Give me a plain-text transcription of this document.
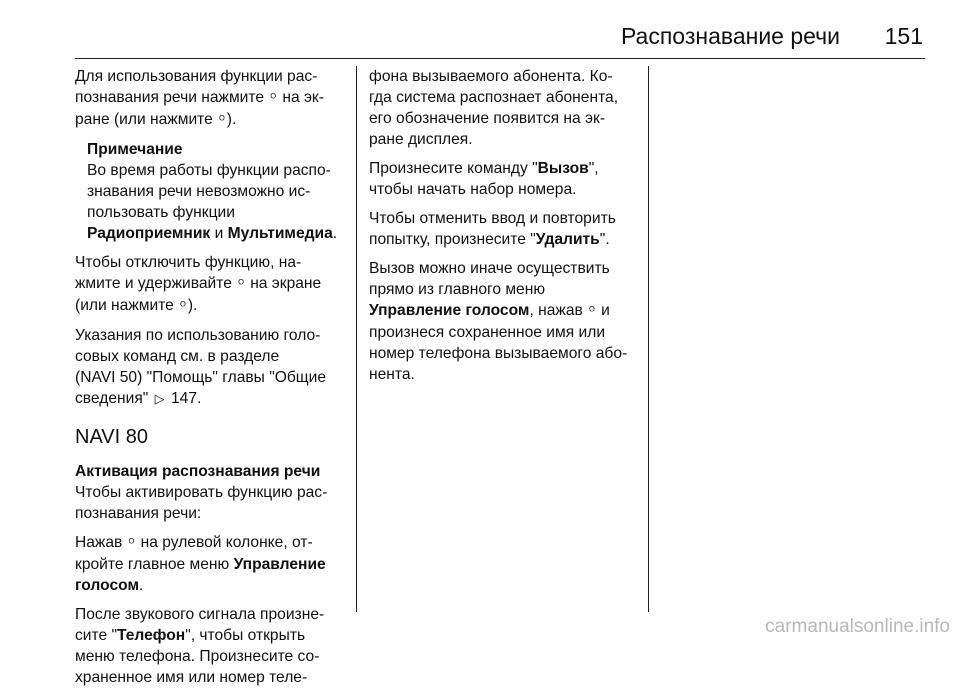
Распознавание речи 151
Для использования функции рас-
познавания речи нажмите ᴼ на эк-
ране (или нажмите ᴼ ).
Примечание
Во время работы функции распо-
знавания речи невозможно ис-
пользовать функции
Радиоприемник и Мультимедиа.
Чтобы отключить функцию, на-
жмите и удерживайте ᴼ на экране
(или нажмите ᴼ ).
Указания по использованию голо-
совых команд см. в разделе
(NAVI 50) "Помощь" главы "Общие
сведения" ▷ 147.
NAVI 80
Активация распознавания речи
Чтобы активировать функцию рас-
познавания речи:
Нажав ᴼ на рулевой колонке, от-
кройте главное меню Управление
голосом.
После звукового сигнала произне-
сите "Телефон", чтобы открыть
меню телефона. Произнесите со-
храненное имя или номер теле-
фона вызываемого абонента. Ко-
гда система распознает абонента,
его обозначение появится на эк-
ране дисплея.
Произнесите команду "Вызов",
чтобы начать набор номера.
Чтобы отменить ввод и повторить
попытку, произнесите "Удалить".
Вызов можно иначе осуществить
прямо из главного меню
Управление голосом, нажав ᴼ и
произнеся сохраненное имя или
номер телефона вызываемого або-
нента.
carmanualsonline.info
